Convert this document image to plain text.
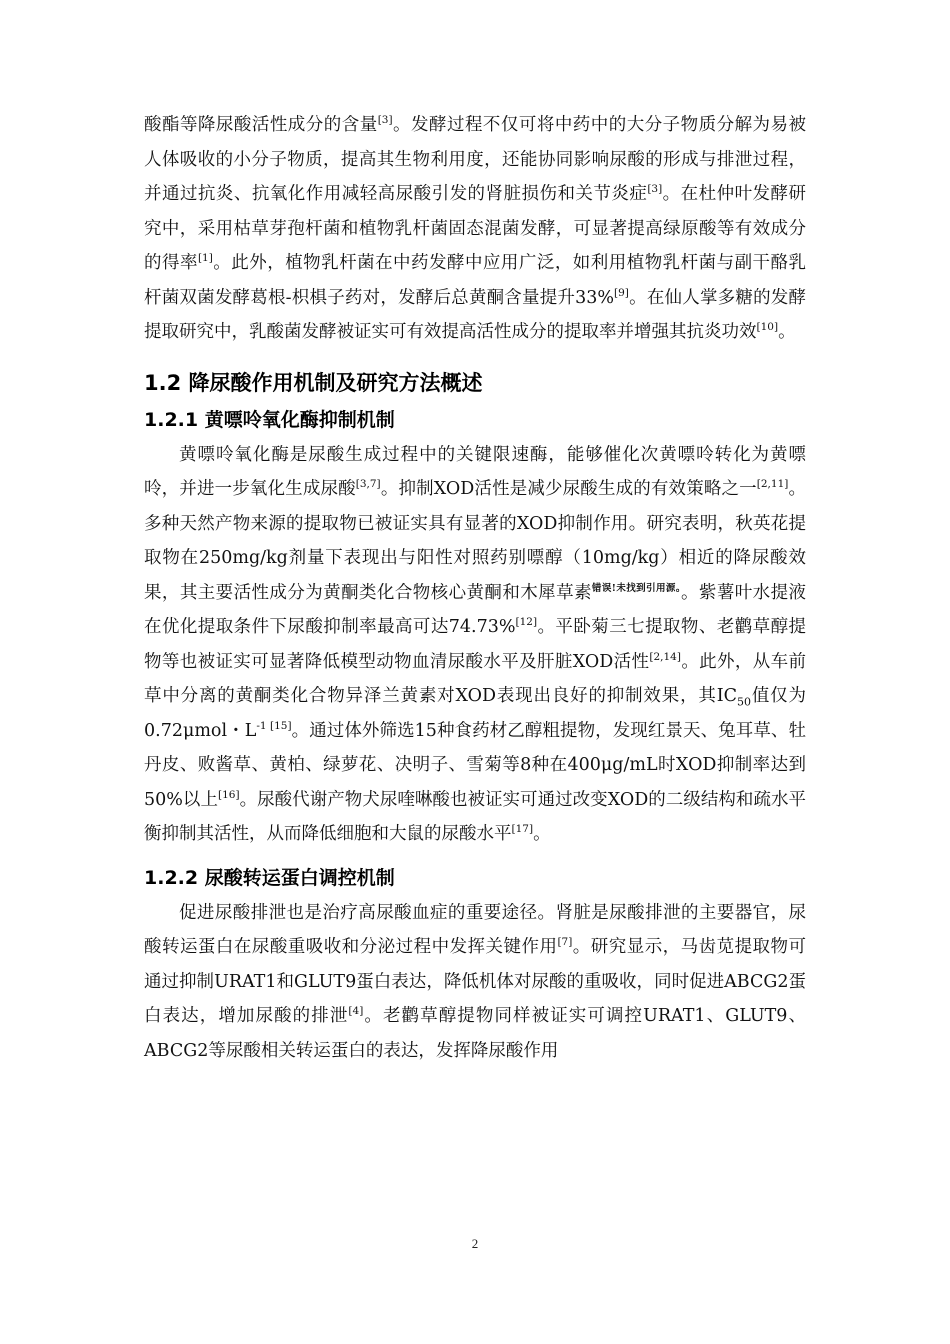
酸酯等降尿酸活性成分的含量[3]。发酵过程不仅可将中药中的大分子物质分解为易被人体吸收的小分子物质，提高其生物利用度，还能协同影响尿酸的形成与排泄过程，并通过抗炎、抗氧化作用减轻高尿酸引发的肾脏损伤和关节炎症[3]。在杜仲叶发酵研究中，采用枯草芽孢杆菌和植物乳杆菌固态混菌发酵，可显著提高绿原酸等有效成分的得率[1]。此外，植物乳杆菌在中药发酵中应用广泛，如利用植物乳杆菌与副干酪乳杆菌双菌发酵葛根-枳椇子药对，发酵后总黄酮含量提升33%[9]。在仙人掌多糖的发酵提取研究中，乳酸菌发酵被证实可有效提高活性成分的提取率并增强其抗炎功效[10]。

1.2 降尿酸作用机制及研究方法概述
1.2.1 黄嘌呤氧化酶抑制机制

黄嘌呤氧化酶是尿酸生成过程中的关键限速酶，能够催化次黄嘌呤转化为黄嘌呤，并进一步氧化生成尿酸[3,7]。抑制XOD活性是减少尿酸生成的有效策略之一[2,11]。多种天然产物来源的提取物已被证实具有显著的XOD抑制作用。研究表明，秋英花提取物在250mg/kg剂量下表现出与阳性对照药别嘌醇（10mg/kg）相近的降尿酸效果，其主要活性成分为黄酮类化合物核心黄酮和木犀草素$^{错误!未找到引用源。}$。紫薯叶水提液在优化提取条件下尿酸抑制率最高可达74.73%[12]。平卧菊三七提取物、老鹳草醇提物等也被证实可显著降低模型动物血清尿酸水平及肝脏XOD活性[2,14]。此外，从车前草中分离的黄酮类化合物异泽兰黄素对XOD表现出良好的抑制效果，其$IC_{50}$值仅为0.72μmol・$L^{-1}$ [15]。通过体外筛选15种食药材乙醇粗提物，发现红景天、兔耳草、牡丹皮、败酱草、黄柏、绿萝花、决明子、雪菊等8种在400μg/mL时XOD抑制率达到50%以上[16]。尿酸代谢产物犬尿喹啉酸也被证实可通过改变XOD的二级结构和疏水平衡抑制其活性，从而降低细胞和大鼠的尿酸水平[17]。

1.2.2 尿酸转运蛋白调控机制

促进尿酸排泄也是治疗高尿酸血症的重要途径。肾脏是尿酸排泄的主要器官，尿酸转运蛋白在尿酸重吸收和分泌过程中发挥关键作用[7]。研究显示，马齿苋提取物可通过抑制URAT1和GLUT9蛋白表达，降低机体对尿酸的重吸收，同时促进ABCG2蛋白表达，增加尿酸的排泄[4]。老鹳草醇提物同样被证实可调控URAT1、GLUT9、ABCG2等尿酸相关转运蛋白的表达，发挥降尿酸作用

2
